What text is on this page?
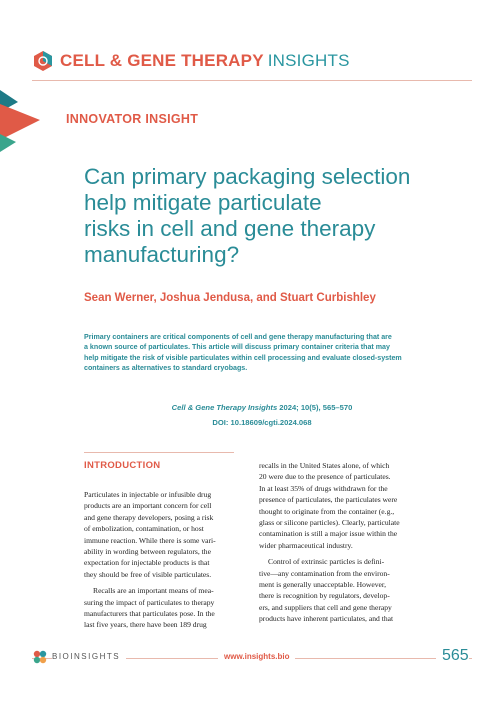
CELL & GENE THERAPY INSIGHTS
INNOVATOR INSIGHT
Can primary packaging selection
help mitigate particulate
risks in cell and gene therapy
manufacturing?
Sean Werner, Joshua Jendusa, and Stuart Curbishley
Primary containers are critical components of cell and gene therapy manufacturing that are
a known source of particulates. This article will discuss primary container criteria that may
help mitigate the risk of visible particulates within cell processing and evaluate closed-system
containers as alternatives to standard cryobags.
Cell & Gene Therapy Insights 2024; 10(5), 565–570
DOI: 10.18609/cgti.2024.068
INTRODUCTION
Particulates in injectable or infusible drug
products are an important concern for cell
and gene therapy developers, posing a risk
of embolization, contamination, or host
immune reaction. While there is some vari-
ability in wording between regulators, the
expectation for injectable products is that
they should be free of visible particulates.
Recalls are an important means of mea-
suring the impact of particulates to therapy
manufacturers that particulates pose. In the
last five years, there have been 189 drug
recalls in the United States alone, of which
20 were due to the presence of particulates.
In at least 35% of drugs withdrawn for the
presence of particulates, the particulates were
thought to originate from the container (e.g.,
glass or silicone particles). Clearly, particulate
contamination is still a major issue within the
wider pharmaceutical industry.
Control of extrinsic particles is defini-
tive—any contamination from the environ-
ment is generally unacceptable. However,
there is recognition by regulators, develop-
ers, and suppliers that cell and gene therapy
products have inherent particulates, and that
BIOINSIGHTS	www.insights.bio	565
